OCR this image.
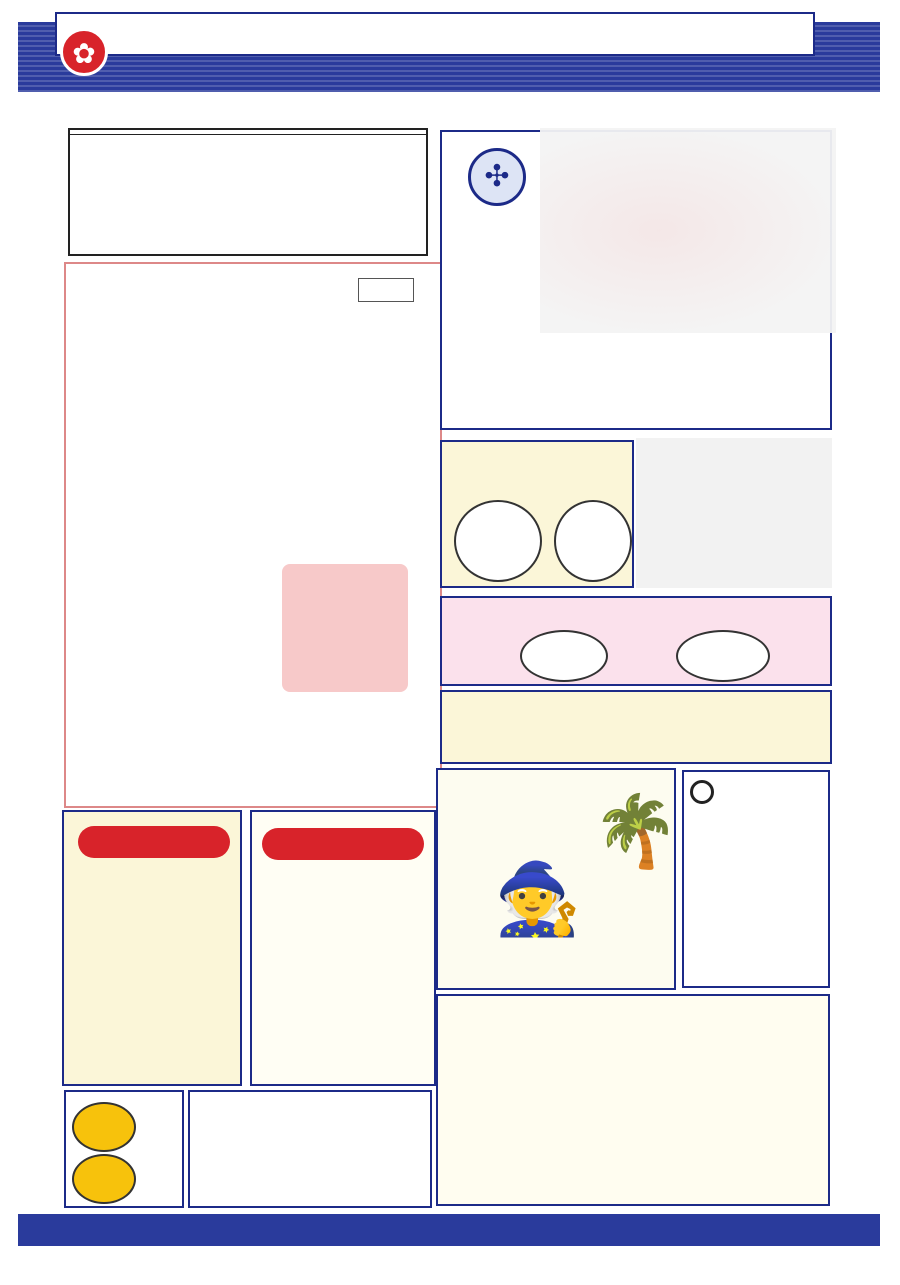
✿
✣
🌴
🧙
